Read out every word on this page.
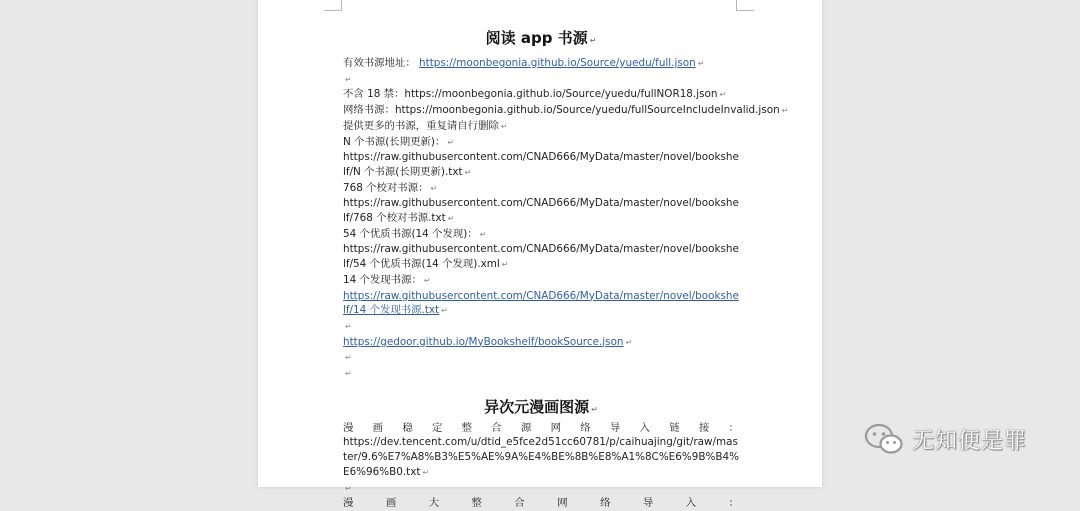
阅读 app 书源 ↵
有效书源地址： https://moonbegonia.github.io/Source/yuedu/full.json ↵
↵
不含 18 禁：https://moonbegonia.github.io/Source/yuedu/fullNOR18.json ↵
网络书源：https://moonbegonia.github.io/Source/yuedu/fullSourceIncludeInvalid.json ↵
提供更多的书源，重复请自行删除 ↵
N 个书源(长期更新)： ↵
https://raw.githubusercontent.com/CNAD666/MyData/master/novel/bookshelf/N 个书源(长期更新).txt ↵
768 个校对书源： ↵
https://raw.githubusercontent.com/CNAD666/MyData/master/novel/bookshelf/768 个校对书源.txt ↵
54 个优质书源(14 个发现)： ↵
https://raw.githubusercontent.com/CNAD666/MyData/master/novel/bookshelf/54 个优质书源(14 个发现).xml ↵
14 个发现书源： ↵
https://raw.githubusercontent.com/CNAD666/MyData/master/novel/bookshelf/14 个发现书源.txt ↵
↵
https://gedoor.github.io/MyBookshelf/bookSource.json ↵
↵
↵
异次元漫画图源 ↵
漫 画 稳 定 整 合 源 网 络 导 入 链 接 ：
https://dev.tencent.com/u/dtid_e5fce2d51cc60781/p/caihuajing/git/raw/master/9.6%E7%A8%B3%E5%AE%9A%E4%BE%8B%E8%A1%8C%E6%9B%B4%E6%96%B0.txt ↵
↵
漫	画	大	整	合	网	络	导	入	：
无知便是罪
